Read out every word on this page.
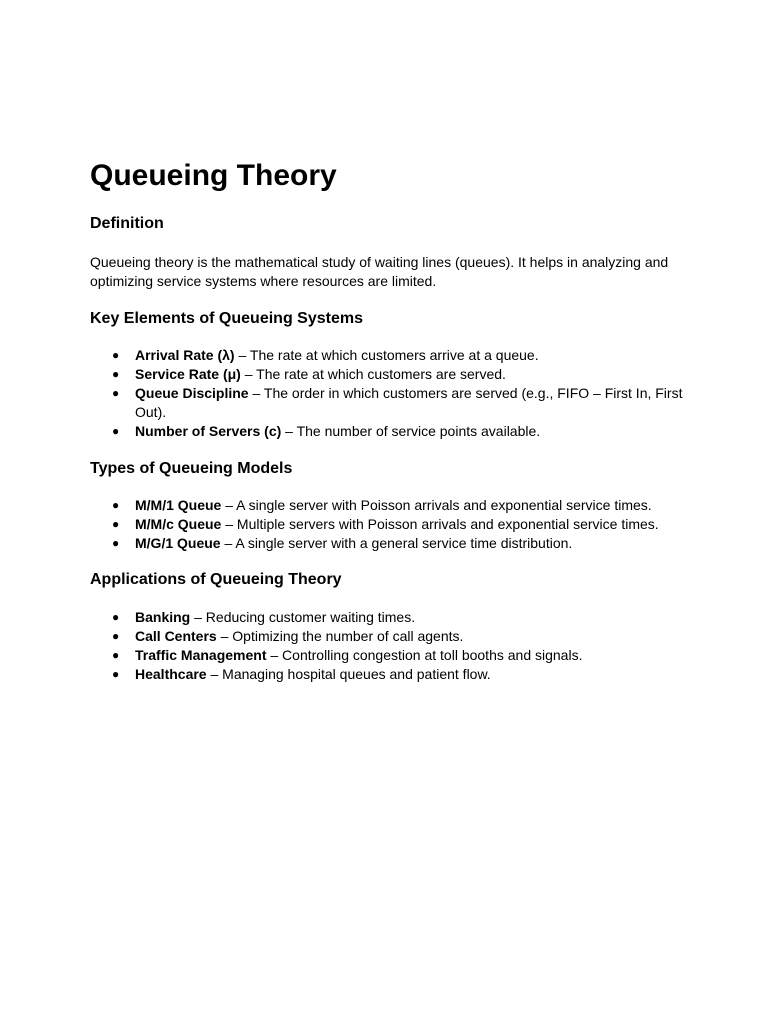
Queueing Theory
Definition

Queueing theory is the mathematical study of waiting lines (queues). It helps in analyzing and optimizing service systems where resources are limited.

Key Elements of Queueing Systems
● Arrival Rate (λ) – The rate at which customers arrive at a queue.
● Service Rate (μ) – The rate at which customers are served.
● Queue Discipline – The order in which customers are served (e.g., FIFO – First In, First Out).
● Number of Servers (c) – The number of service points available.
Types of Queueing Models
● M/M/1 Queue – A single server with Poisson arrivals and exponential service times.
● M/M/c Queue – Multiple servers with Poisson arrivals and exponential service times.
● M/G/1 Queue – A single server with a general service time distribution.
Applications of Queueing Theory
● Banking – Reducing customer waiting times.
● Call Centers – Optimizing the number of call agents.
● Traffic Management – Controlling congestion at toll booths and signals.
● Healthcare – Managing hospital queues and patient flow.
